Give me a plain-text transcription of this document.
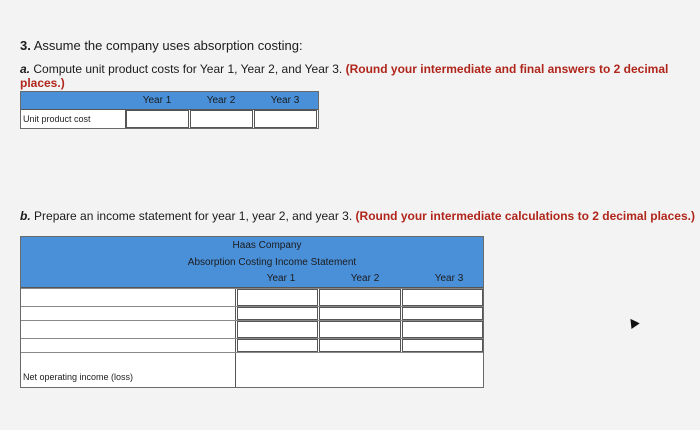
3. Assume the company uses absorption costing:
a. Compute unit product costs for Year 1, Year 2, and Year 3. (Round your intermediate and final answers to 2 decimal places.)
Year 1	Year 2	Year 3
Unit product cost
b. Prepare an income statement for year 1, year 2, and year 3. (Round your intermediate calculations to 2 decimal places.)
Haas Company
Absorption Costing Income Statement
Year 1	Year 2	Year 3
Net operating income (loss)
